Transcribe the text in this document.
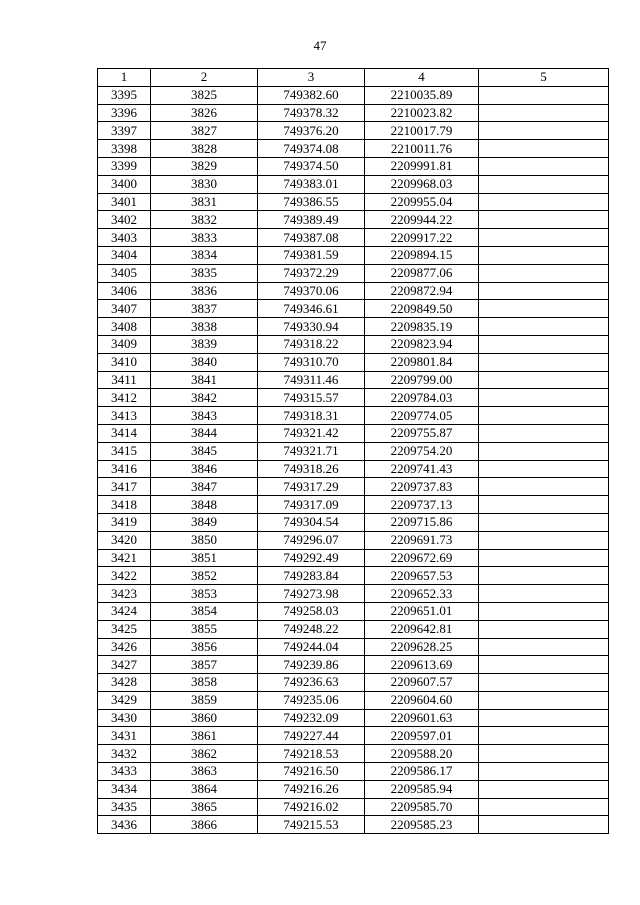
47
1	2	3	4	5
3395	3825	749382.60	2210035.89	
3396	3826	749378.32	2210023.82	
3397	3827	749376.20	2210017.79	
3398	3828	749374.08	2210011.76	
3399	3829	749374.50	2209991.81	
3400	3830	749383.01	2209968.03	
3401	3831	749386.55	2209955.04	
3402	3832	749389.49	2209944.22	
3403	3833	749387.08	2209917.22	
3404	3834	749381.59	2209894.15	
3405	3835	749372.29	2209877.06	
3406	3836	749370.06	2209872.94	
3407	3837	749346.61	2209849.50	
3408	3838	749330.94	2209835.19	
3409	3839	749318.22	2209823.94	
3410	3840	749310.70	2209801.84	
3411	3841	749311.46	2209799.00	
3412	3842	749315.57	2209784.03	
3413	3843	749318.31	2209774.05	
3414	3844	749321.42	2209755.87	
3415	3845	749321.71	2209754.20	
3416	3846	749318.26	2209741.43	
3417	3847	749317.29	2209737.83	
3418	3848	749317.09	2209737.13	
3419	3849	749304.54	2209715.86	
3420	3850	749296.07	2209691.73	
3421	3851	749292.49	2209672.69	
3422	3852	749283.84	2209657.53	
3423	3853	749273.98	2209652.33	
3424	3854	749258.03	2209651.01	
3425	3855	749248.22	2209642.81	
3426	3856	749244.04	2209628.25	
3427	3857	749239.86	2209613.69	
3428	3858	749236.63	2209607.57	
3429	3859	749235.06	2209604.60	
3430	3860	749232.09	2209601.63	
3431	3861	749227.44	2209597.01	
3432	3862	749218.53	2209588.20	
3433	3863	749216.50	2209586.17	
3434	3864	749216.26	2209585.94	
3435	3865	749216.02	2209585.70	
3436	3866	749215.53	2209585.23	
